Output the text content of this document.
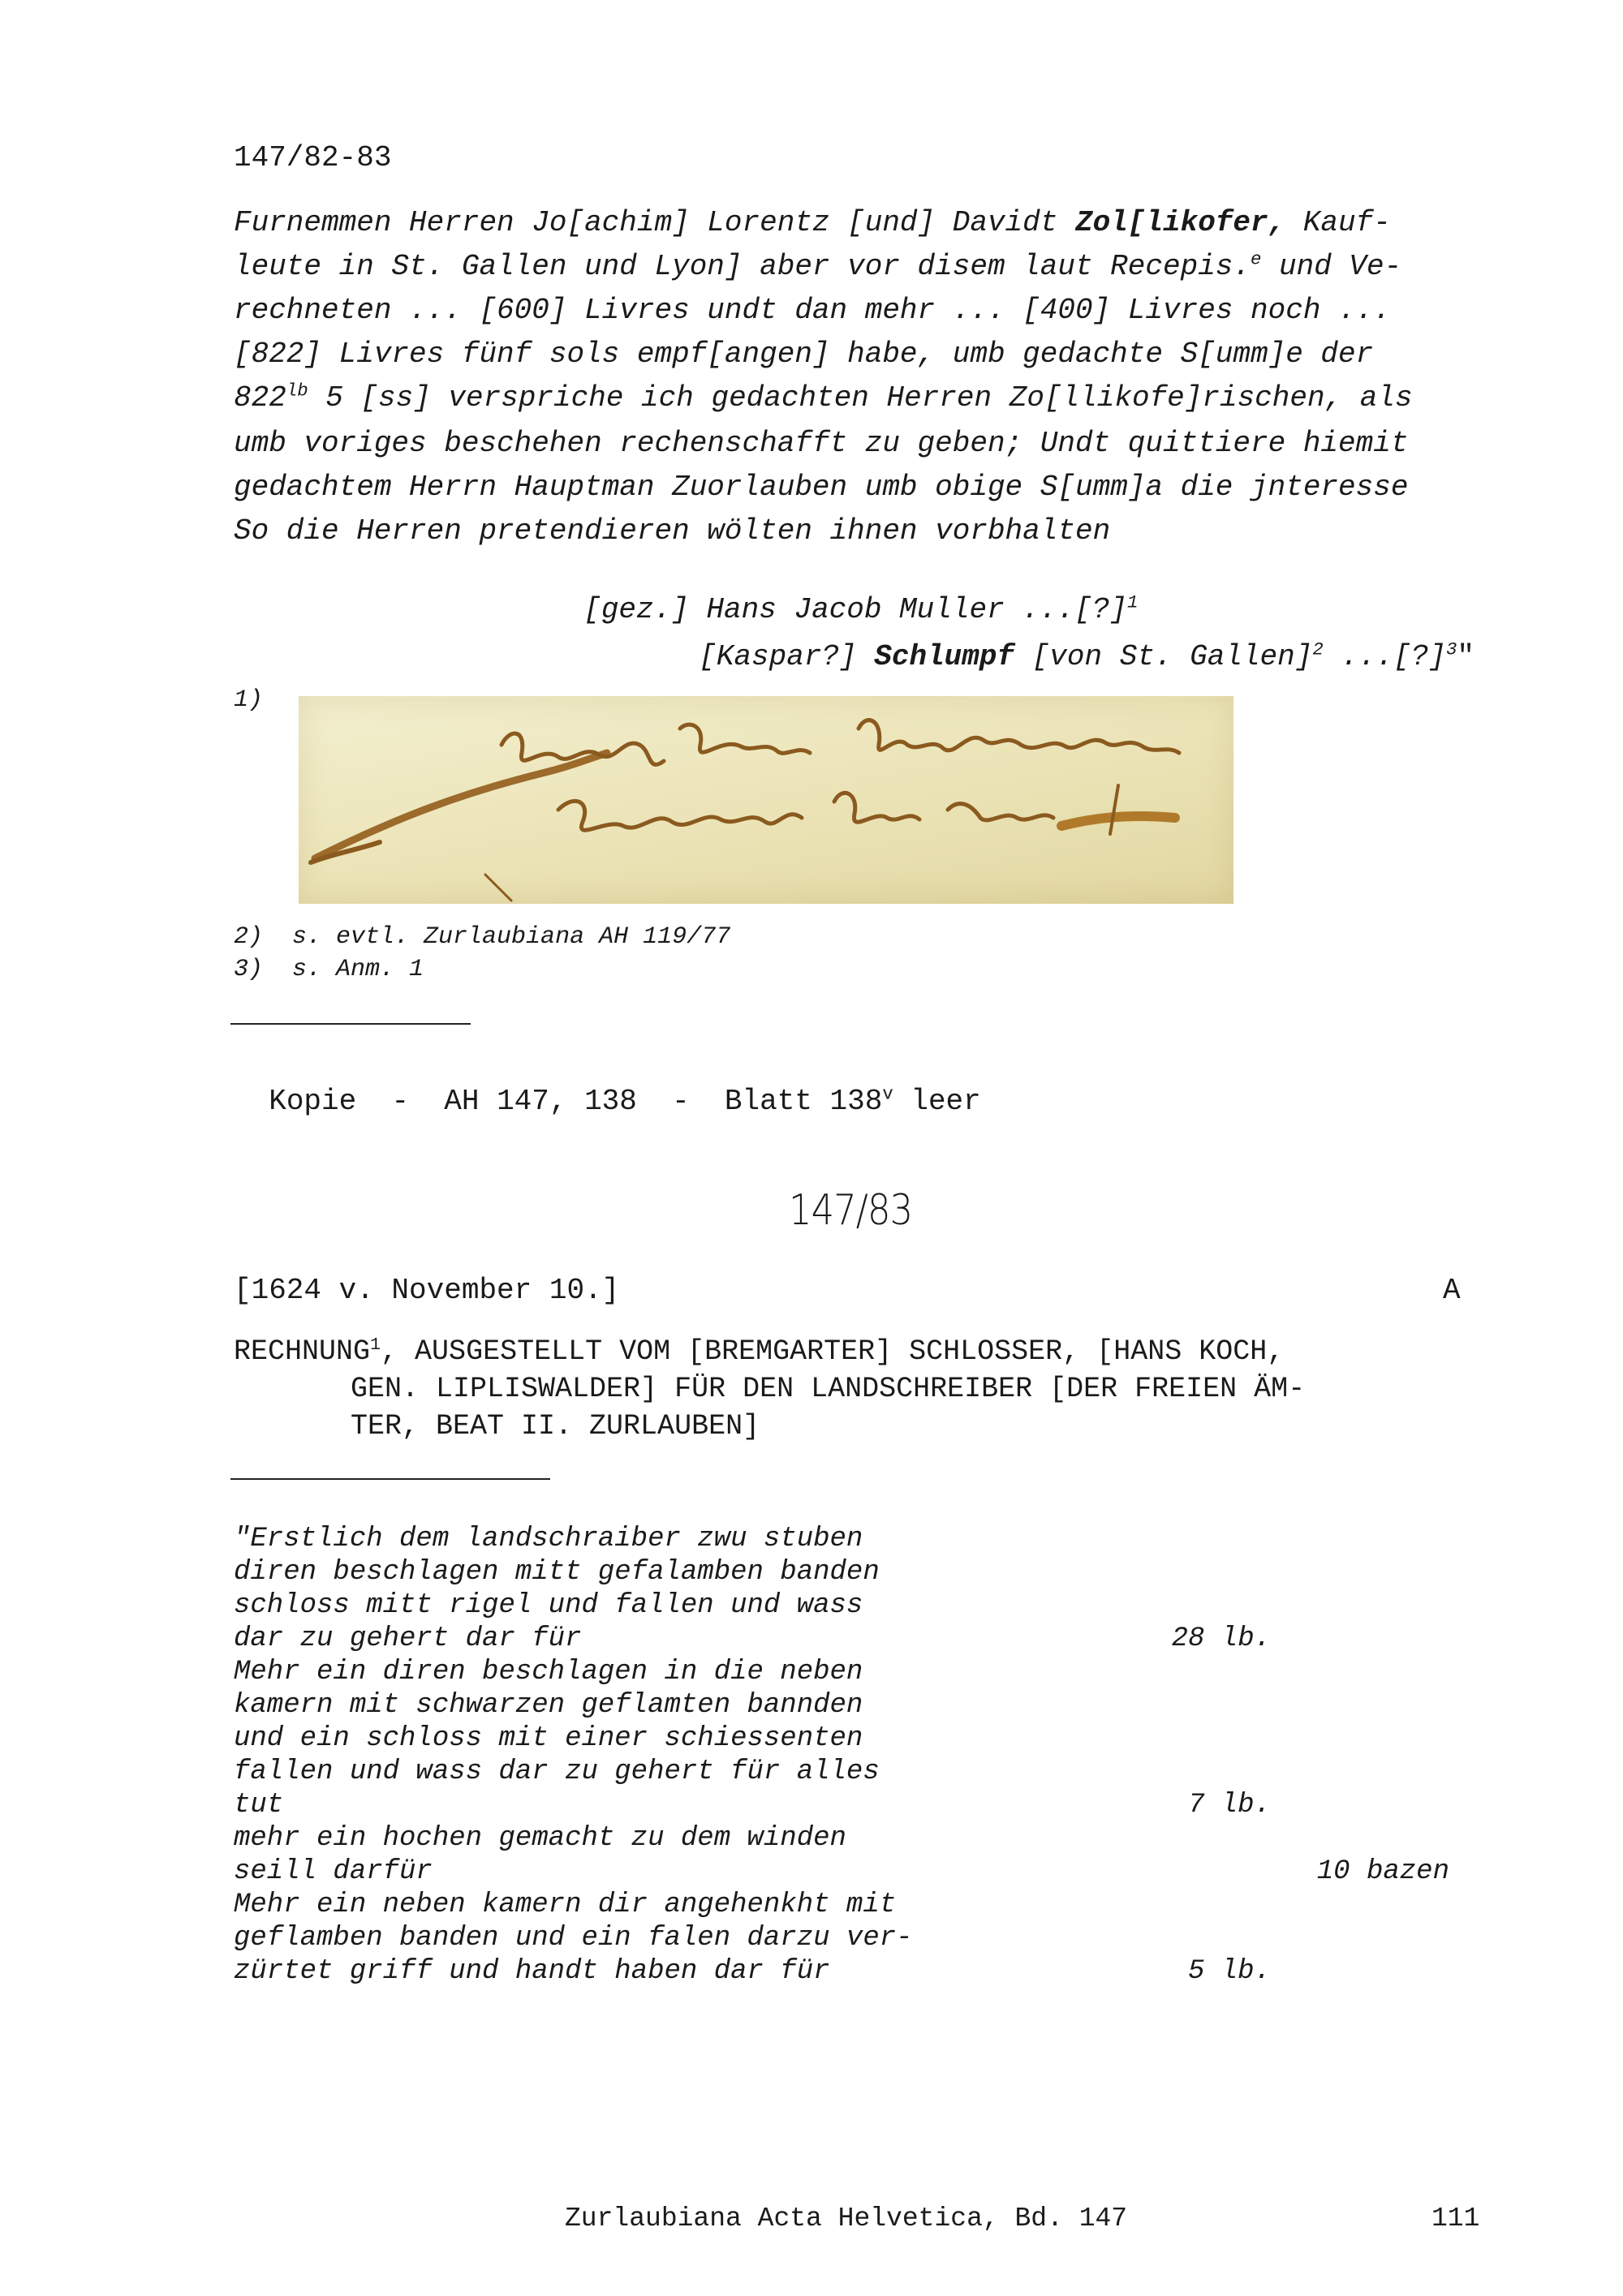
147/82-83
Furnemmen Herren Jo[achim] Lorentz [und] Davidt Zol[likofer, Kauf-
leute in St. Gallen und Lyon] aber vor disem laut Recepis.$^e$ und Ve-
rechneten ... [600] Livres undt dan mehr ... [400] Livres noch ...
[822] Livres fünf sols empf[angen] habe, umb gedachte S[umm]e der
$822^{lb}$ 5 [ss] verspriche ich gedachten Herren Zo[llikofe]rischen, als
umb voriges beschehen rechenschafft zu geben; Undt quittiere hiemit
gedachtem Herrn Hauptman Zuorlauben umb obige S[umm]a die jnteresse
So die Herren pretendieren wölten ihnen vorbhalten

[gez.] Hans Jacob Muller ...[?]$^1$

[Kaspar?] Schlumpf [von St. Gallen]$^2$ ...[?]$^3$"

1)
2)  s. evtl. Zurlaubiana AH 119/77
3)  s. Anm. 1

Kopie  -  AH 147, 138  -  Blatt 138$^v$ leer

147/83
[1624 v. November 10.]	A
RECHNUNG$^1$, AUSGESTELLT VOM [BREMGARTER] SCHLOSSER, [HANS KOCH,
GEN. LIPLISWALDER] FÜR DEN LANDSCHREIBER [DER FREIEN ÄM-
TER, BEAT II. ZURLAUBEN]
"Erstlich dem landschraiber zwu stuben
diren beschlagen mitt gefalamben banden
schloss mitt rigel und fallen und wass
dar zu gehert dar für	28 lb.
Mehr ein diren beschlagen in die neben
kamern mit schwarzen geflamten bannden
und ein schloss mit einer schiessenten
fallen und wass dar zu gehert für alles
tut	7 lb.
mehr ein hochen gemacht zu dem winden
seill darfür	10 bazen
Mehr ein neben kamern dir angehenkht mit
geflamben banden und ein falen darzu ver-
zürtet griff und handt haben dar für	5 lb.
Zurlaubiana Acta Helvetica, Bd. 147	111
